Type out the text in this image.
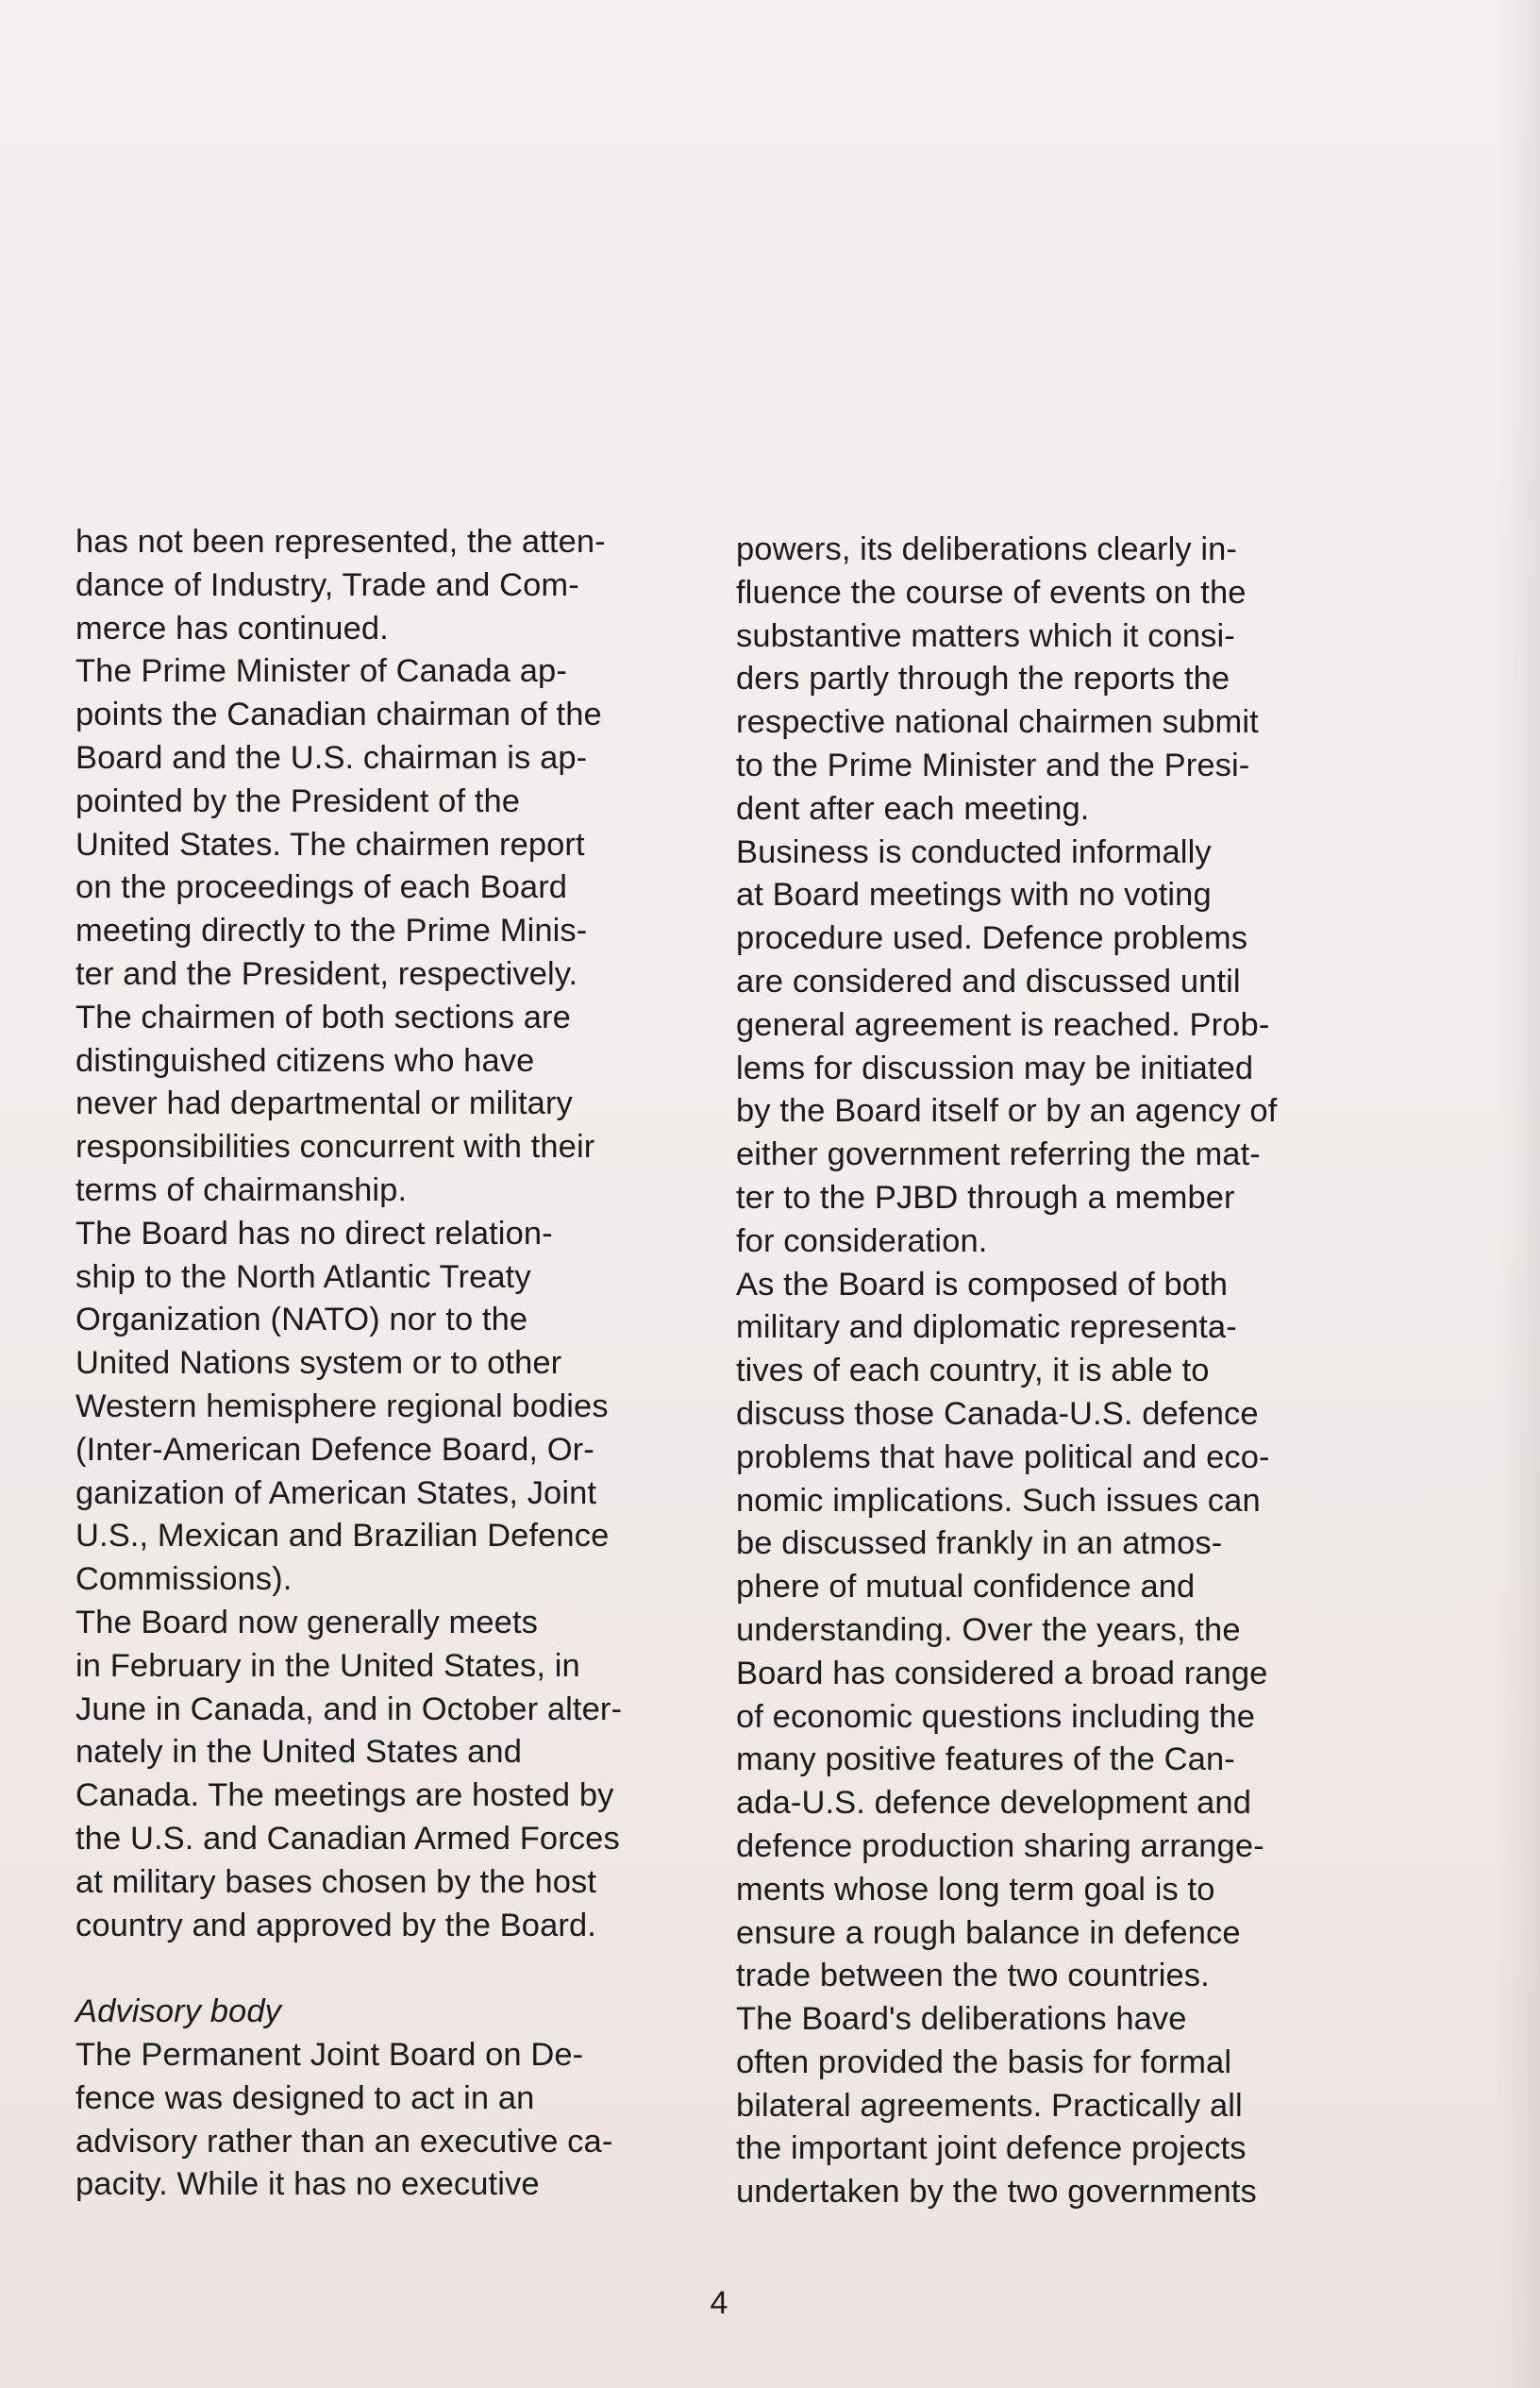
has not been represented, the atten-
dance of Industry, Trade and Com-
merce has continued.

The Prime Minister of Canada ap-
points the Canadian chairman of the
Board and the U.S. chairman is ap-
pointed by the President of the
United States. The chairmen report
on the proceedings of each Board
meeting directly to the Prime Minis-
ter and the President, respectively.
The chairmen of both sections are
distinguished citizens who have
never had departmental or military
responsibilities concurrent with their
terms of chairmanship.

The Board has no direct relation-
ship to the North Atlantic Treaty
Organization (NATO) nor to the
United Nations system or to other
Western hemisphere regional bodies
(Inter-American Defence Board, Or-
ganization of American States, Joint
U.S., Mexican and Brazilian Defence
Commissions).

The Board now generally meets
in February in the United States, in
June in Canada, and in October alter-
nately in the United States and
Canada. The meetings are hosted by
the U.S. and Canadian Armed Forces
at military bases chosen by the host
country and approved by the Board.

Advisory body

The Permanent Joint Board on De-
fence was designed to act in an
advisory rather than an executive ca-
pacity. While it has no executive

powers, its deliberations clearly in-
fluence the course of events on the
substantive matters which it consi-
ders partly through the reports the
respective national chairmen submit
to the Prime Minister and the Presi-
dent after each meeting.

Business is conducted informally
at Board meetings with no voting
procedure used. Defence problems
are considered and discussed until
general agreement is reached. Prob-
lems for discussion may be initiated
by the Board itself or by an agency of
either government referring the mat-
ter to the PJBD through a member
for consideration.

As the Board is composed of both
military and diplomatic representa-
tives of each country, it is able to
discuss those Canada-U.S. defence
problems that have political and eco-
nomic implications. Such issues can
be discussed frankly in an atmos-
phere of mutual confidence and
understanding. Over the years, the
Board has considered a broad range
of economic questions including the
many positive features of the Can-
ada-U.S. defence development and
defence production sharing arrange-
ments whose long term goal is to
ensure a rough balance in defence
trade between the two countries.

The Board's deliberations have
often provided the basis for formal
bilateral agreements. Practically all
the important joint defence projects
undertaken by the two governments

4
